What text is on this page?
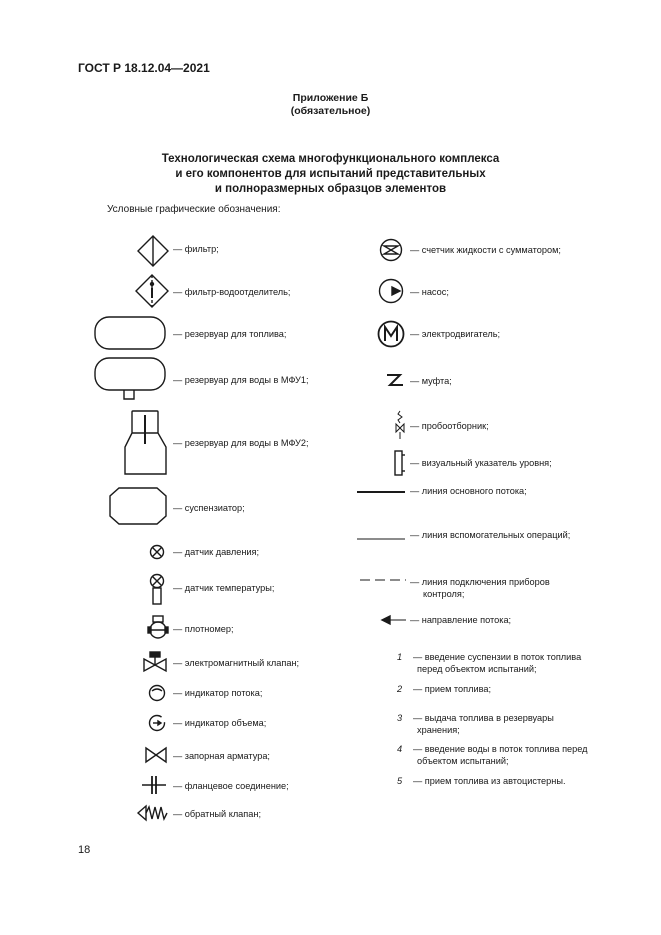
ГОСТ Р 18.12.04—2021
Приложение Б
(обязательное)
Технологическая схема многофункционального комплекса
и его компонентов для испытаний представительных
и полноразмерных образцов элементов
Условные графические обозначения:
— фильтр;
— фильтр-водоотделитель;
— резервуар для топлива;
— резервуар для воды в МФУ1;
— резервуар для воды в МФУ2;
— суспензиатор;
— датчик давления;
— датчик температуры;
— плотномер;
— электромагнитный клапан;
— индикатор потока;
— индикатор объема;
— запорная арматура;
— фланцевое соединение;
— обратный клапан;
— счетчик жидкости с сумматором;
— насос;
— электродвигатель;
— муфта;
— пробоотборник;
— визуальный указатель уровня;
— линия основного потока;
— линия вспомогательных операций;
— линия подключения приборов
контроля;
— направление потока;
1 — введение суспензии в поток топлива
перед объектом испытаний;
2 — прием топлива;
3 — выдача топлива в резервуары
хранения;
4 — введение воды в поток топлива перед
объектом испытаний;
5 — прием топлива из автоцистерны.
18
